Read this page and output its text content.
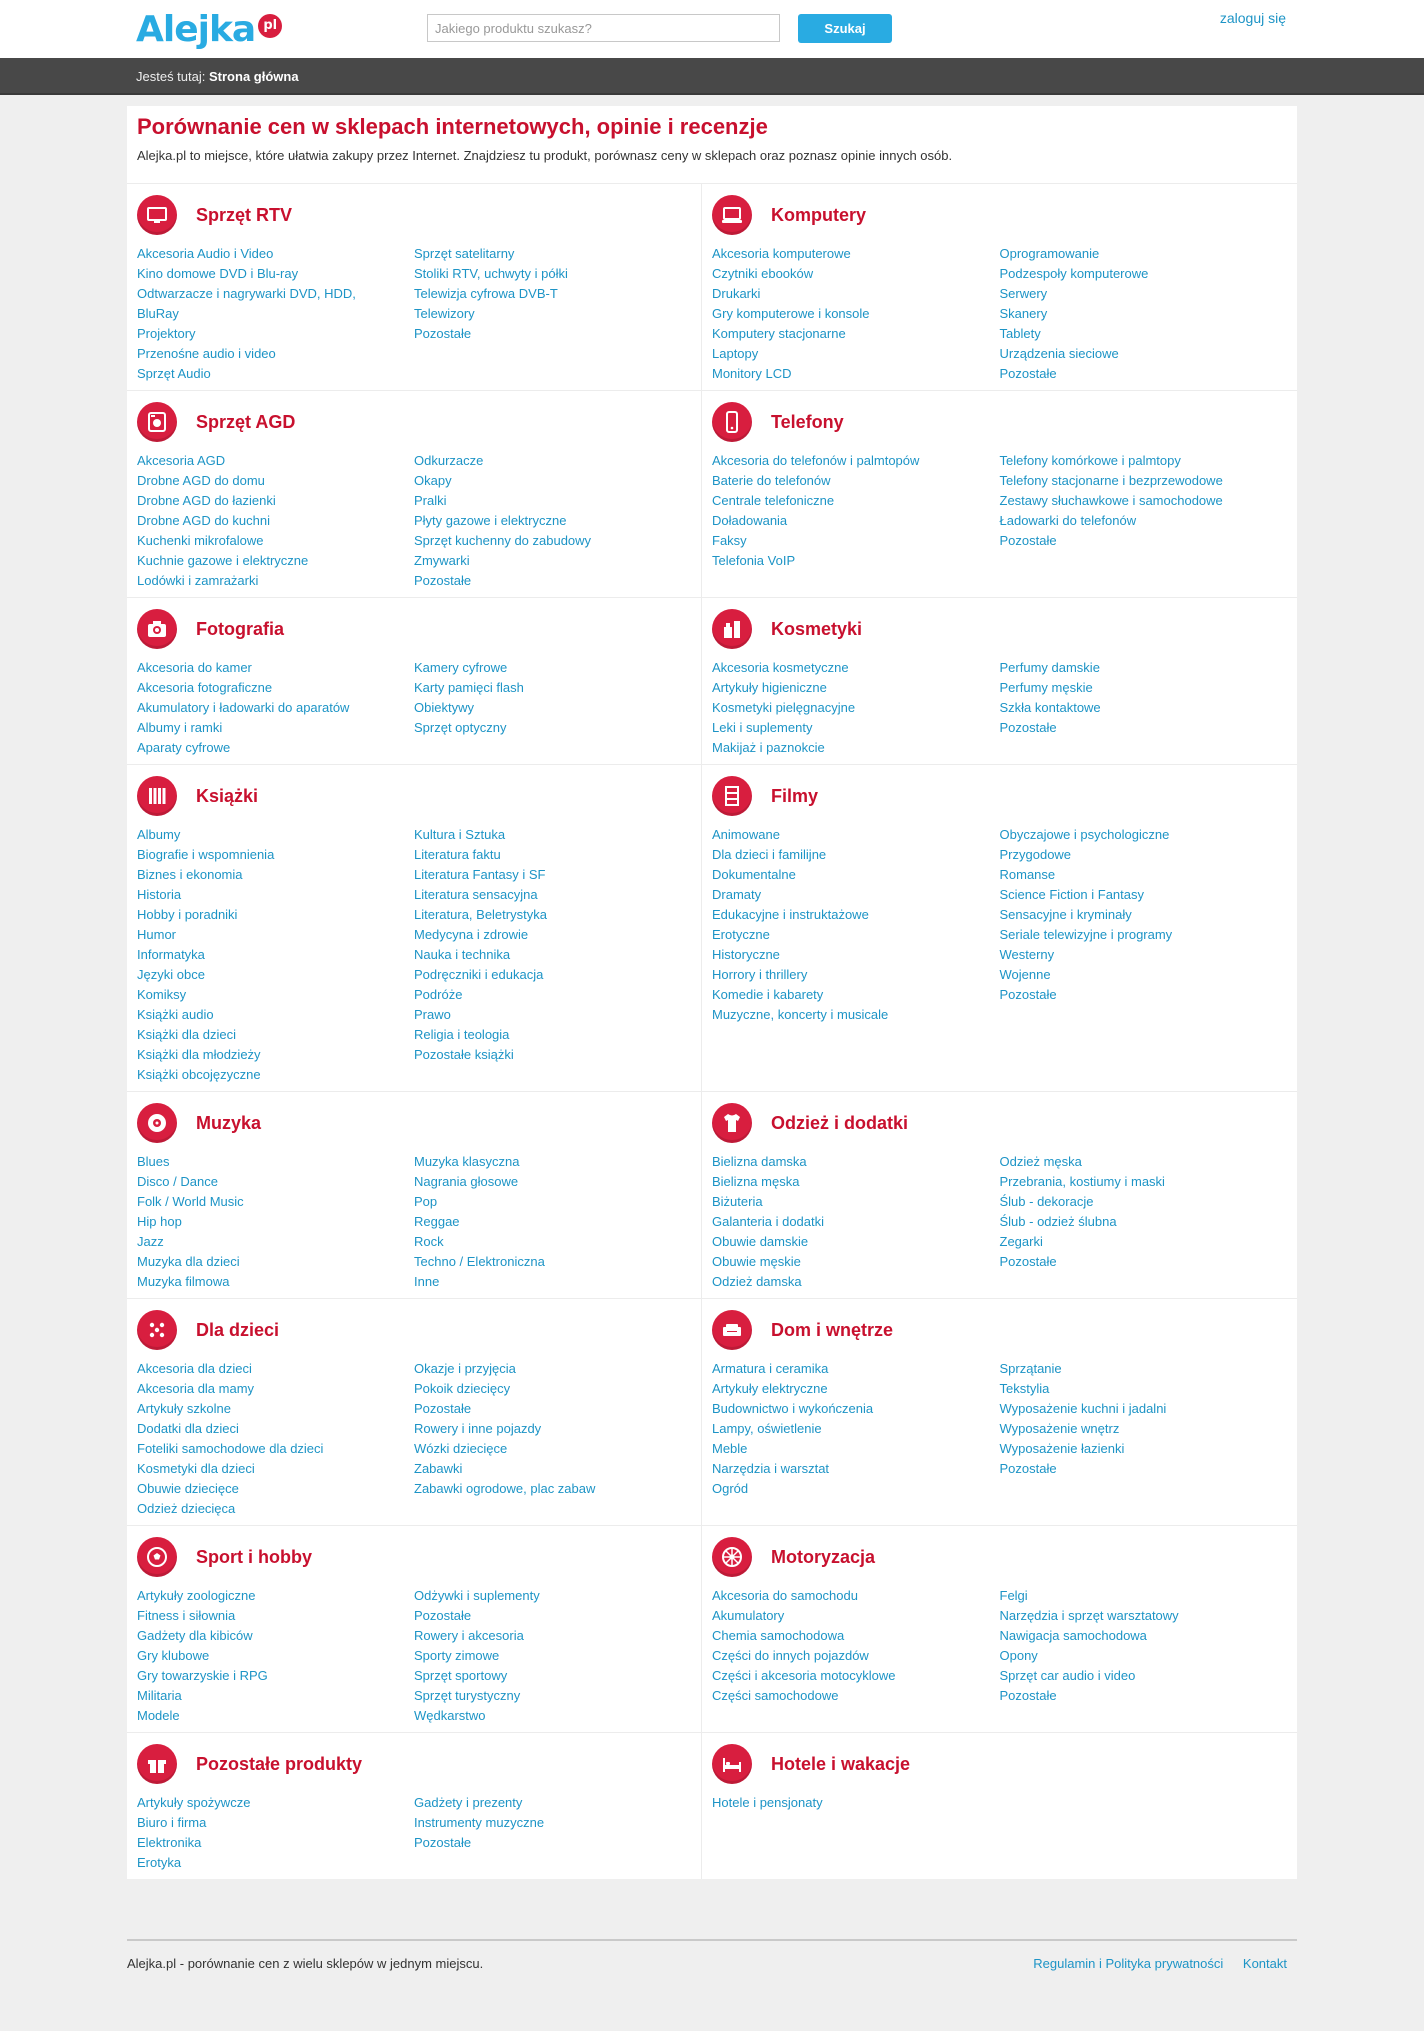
Alejka pl
Jakiego produktu szukasz?	Szukaj
zaloguj się
Jesteś tutaj: Strona główna
Porównanie cen w sklepach internetowych, opinie i recenzje

Alejka.pl to miejsce, które ułatwia zakupy przez Internet. Znajdziesz tu produkt, porównasz ceny w sklepach oraz poznasz opinie innych osób.

Sprzęt RTV
Akcesoria Audio i Video
Kino domowe DVD i Blu-ray
Odtwarzacze i nagrywarki DVD, HDD,
BluRay
Projektory
Przenośne audio i video
Sprzęt Audio
Sprzęt satelitarny
Stoliki RTV, uchwyty i półki
Telewizja cyfrowa DVB-T
Telewizory
Pozostałe
Komputery
Akcesoria komputerowe
Czytniki ebooków
Drukarki
Gry komputerowe i konsole
Komputery stacjonarne
Laptopy
Monitory LCD
Oprogramowanie
Podzespoły komputerowe
Serwery
Skanery
Tablety
Urządzenia sieciowe
Pozostałe
Sprzęt AGD
Akcesoria AGD
Drobne AGD do domu
Drobne AGD do łazienki
Drobne AGD do kuchni
Kuchenki mikrofalowe
Kuchnie gazowe i elektryczne
Lodówki i zamrażarki
Odkurzacze
Okapy
Pralki
Płyty gazowe i elektryczne
Sprzęt kuchenny do zabudowy
Zmywarki
Pozostałe
Telefony
Akcesoria do telefonów i palmtopów
Baterie do telefonów
Centrale telefoniczne
Doładowania
Faksy
Telefonia VoIP
Telefony komórkowe i palmtopy
Telefony stacjonarne i bezprzewodowe
Zestawy słuchawkowe i samochodowe
Ładowarki do telefonów
Pozostałe
Fotografia
Akcesoria do kamer
Akcesoria fotograficzne
Akumulatory i ładowarki do aparatów
Albumy i ramki
Aparaty cyfrowe
Kamery cyfrowe
Karty pamięci flash
Obiektywy
Sprzęt optyczny
Kosmetyki
Akcesoria kosmetyczne
Artykuły higieniczne
Kosmetyki pielęgnacyjne
Leki i suplementy
Makijaż i paznokcie
Perfumy damskie
Perfumy męskie
Szkła kontaktowe
Pozostałe
Książki
Albumy
Biografie i wspomnienia
Biznes i ekonomia
Historia
Hobby i poradniki
Humor
Informatyka
Języki obce
Komiksy
Książki audio
Książki dla dzieci
Książki dla młodzieży
Książki obcojęzyczne
Kultura i Sztuka
Literatura faktu
Literatura Fantasy i SF
Literatura sensacyjna
Literatura, Beletrystyka
Medycyna i zdrowie
Nauka i technika
Podręczniki i edukacja
Podróże
Prawo
Religia i teologia
Pozostałe książki
Filmy
Animowane
Dla dzieci i familijne
Dokumentalne
Dramaty
Edukacyjne i instruktażowe
Erotyczne
Historyczne
Horrory i thrillery
Komedie i kabarety
Muzyczne, koncerty i musicale
Obyczajowe i psychologiczne
Przygodowe
Romanse
Science Fiction i Fantasy
Sensacyjne i kryminały
Seriale telewizyjne i programy
Westerny
Wojenne
Pozostałe
Muzyka
Blues
Disco / Dance
Folk / World Music
Hip hop
Jazz
Muzyka dla dzieci
Muzyka filmowa
Muzyka klasyczna
Nagrania głosowe
Pop
Reggae
Rock
Techno / Elektroniczna
Inne
Odzież i dodatki
Bielizna damska
Bielizna męska
Biżuteria
Galanteria i dodatki
Obuwie damskie
Obuwie męskie
Odzież damska
Odzież męska
Przebrania, kostiumy i maski
Ślub - dekoracje
Ślub - odzież ślubna
Zegarki
Pozostałe
Dla dzieci
Akcesoria dla dzieci
Akcesoria dla mamy
Artykuły szkolne
Dodatki dla dzieci
Foteliki samochodowe dla dzieci
Kosmetyki dla dzieci
Obuwie dziecięce
Odzież dziecięca
Okazje i przyjęcia
Pokoik dziecięcy
Pozostałe
Rowery i inne pojazdy
Wózki dziecięce
Zabawki
Zabawki ogrodowe, plac zabaw
Dom i wnętrze
Armatura i ceramika
Artykuły elektryczne
Budownictwo i wykończenia
Lampy, oświetlenie
Meble
Narzędzia i warsztat
Ogród
Sprzątanie
Tekstylia
Wyposażenie kuchni i jadalni
Wyposażenie wnętrz
Wyposażenie łazienki
Pozostałe
Sport i hobby
Artykuły zoologiczne
Fitness i siłownia
Gadżety dla kibiców
Gry klubowe
Gry towarzyskie i RPG
Militaria
Modele
Odżywki i suplementy
Pozostałe
Rowery i akcesoria
Sporty zimowe
Sprzęt sportowy
Sprzęt turystyczny
Wędkarstwo
Motoryzacja
Akcesoria do samochodu
Akumulatory
Chemia samochodowa
Części do innych pojazdów
Części i akcesoria motocyklowe
Części samochodowe
Felgi
Narzędzia i sprzęt warsztatowy
Nawigacja samochodowa
Opony
Sprzęt car audio i video
Pozostałe
Pozostałe produkty
Artykuły spożywcze
Biuro i firma
Elektronika
Erotyka
Gadżety i prezenty
Instrumenty muzyczne
Pozostałe
Hotele i wakacje
Hotele i pensjonaty
Alejka.pl - porównanie cen z wielu sklepów w jednym miejscu.	Regulamin i Polityka prywatności Kontakt
